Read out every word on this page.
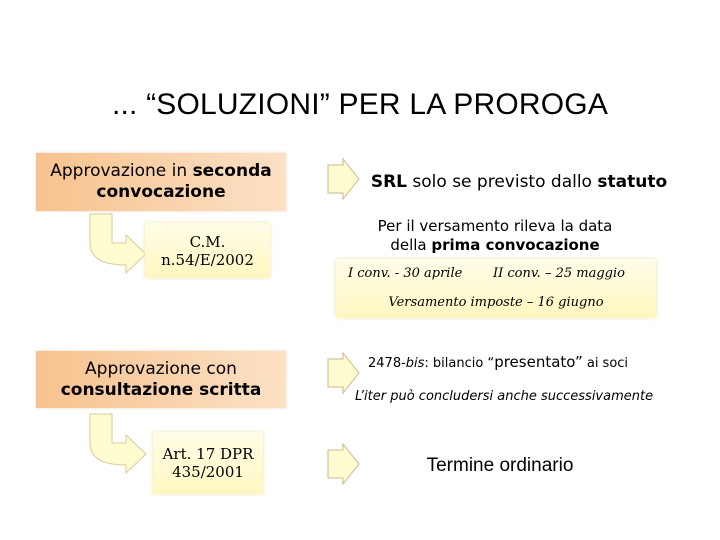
... “SOLUZIONI” PER LA PROROGA
Approvazione in seconda
convocazione
C.M.
n.54/E/2002
SRL solo se previsto dallo statuto
Per il versamento rileva la data
della prima convocazione
I conv. - 30 aprile II conv. – 25 maggio
Versamento imposte – 16 giugno
Approvazione con
consultazione scritta
Art. 17 DPR
435/2001
2478-bis: bilancio “presentato” ai soci
L’iter può concludersi anche successivamente
Termine ordinario
